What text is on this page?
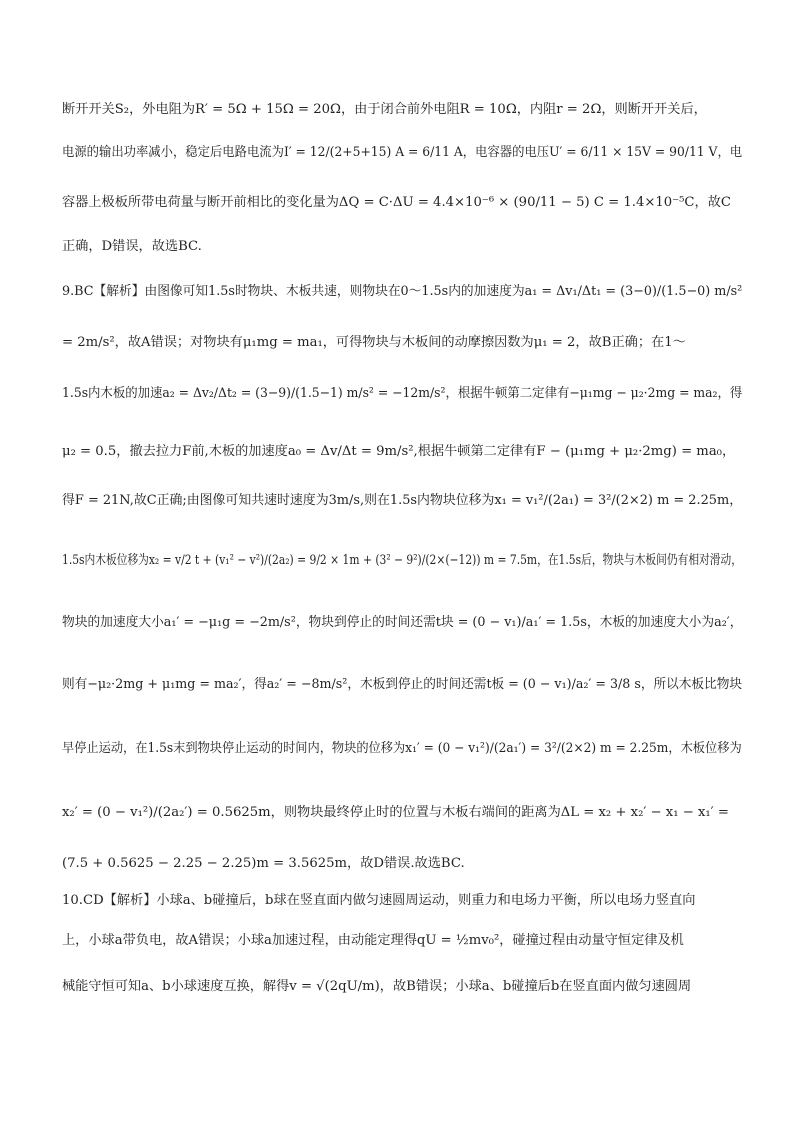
断开开关S₂，外电阻为R′ = 5Ω + 15Ω = 20Ω，由于闭合前外电阻R = 10Ω，内阻r = 2Ω，则断开开关后，
电源的输出功率减小，稳定后电路电流为I′ = 12/(2+5+15) A = 6/11 A，电容器的电压U′ = 6/11 × 15V = 90/11 V，电
容器上极板所带电荷量与断开前相比的变化量为ΔQ = C·ΔU = 4.4×10⁻⁶ × (90/11 − 5) C = 1.4×10⁻⁵C，故C
正确，D错误，故选BC.
9.BC【解析】由图像可知1.5s时物块、木板共速，则物块在0～1.5s内的加速度为a₁ = Δv₁/Δt₁ = (3−0)/(1.5−0) m/s²
= 2m/s²，故A错误；对物块有μ₁mg = ma₁，可得物块与木板间的动摩擦因数为μ₁ = 2，故B正确；在1～
1.5s内木板的加速a₂ = Δv₂/Δt₂ = (3−9)/(1.5−1) m/s² = −12m/s²，根据牛顿第二定律有−μ₁mg − μ₂·2mg = ma₂，得
μ₂ = 0.5，撤去拉力F前,木板的加速度a₀ = Δv/Δt = 9m/s²,根据牛顿第二定律有F − (μ₁mg + μ₂·2mg) = ma₀，
得F = 21N,故C正确;由图像可知共速时速度为3m/s,则在1.5s内物块位移为x₁ = v₁²/(2a₁) = 3²/(2×2) m = 2.25m，
1.5s内木板位移为x₂ = v/2 t + (v₁² − v²)/(2a₂) = 9/2 × 1m + (3² − 9²)/(2×(−12)) m = 7.5m，在1.5s后，物块与木板间仍有相对滑动，
物块的加速度大小a₁′ = −μ₁g = −2m/s²，物块到停止的时间还需t块 = (0 − v₁)/a₁′ = 1.5s，木板的加速度大小为a₂′，
则有−μ₂·2mg + μ₁mg = ma₂′，得a₂′ = −8m/s²，木板到停止的时间还需t板 = (0 − v₁)/a₂′ = 3/8 s，所以木板比物块
早停止运动，在1.5s末到物块停止运动的时间内，物块的位移为x₁′ = (0 − v₁²)/(2a₁′) = 3²/(2×2) m = 2.25m，木板位移为
x₂′ = (0 − v₁²)/(2a₂′) = 0.5625m，则物块最终停止时的位置与木板右端间的距离为ΔL = x₂ + x₂′ − x₁ − x₁′ =
(7.5 + 0.5625 − 2.25 − 2.25)m = 3.5625m，故D错误.故选BC.
10.CD【解析】小球a、b碰撞后，b球在竖直面内做匀速圆周运动，则重力和电场力平衡，所以电场力竖直向
上，小球a带负电，故A错误；小球a加速过程，由动能定理得qU = ½mv₀²，碰撞过程由动量守恒定律及机
械能守恒可知a、b小球速度互换，解得v = √(2qU/m)，故B错误；小球a、b碰撞后b在竖直面内做匀速圆周
